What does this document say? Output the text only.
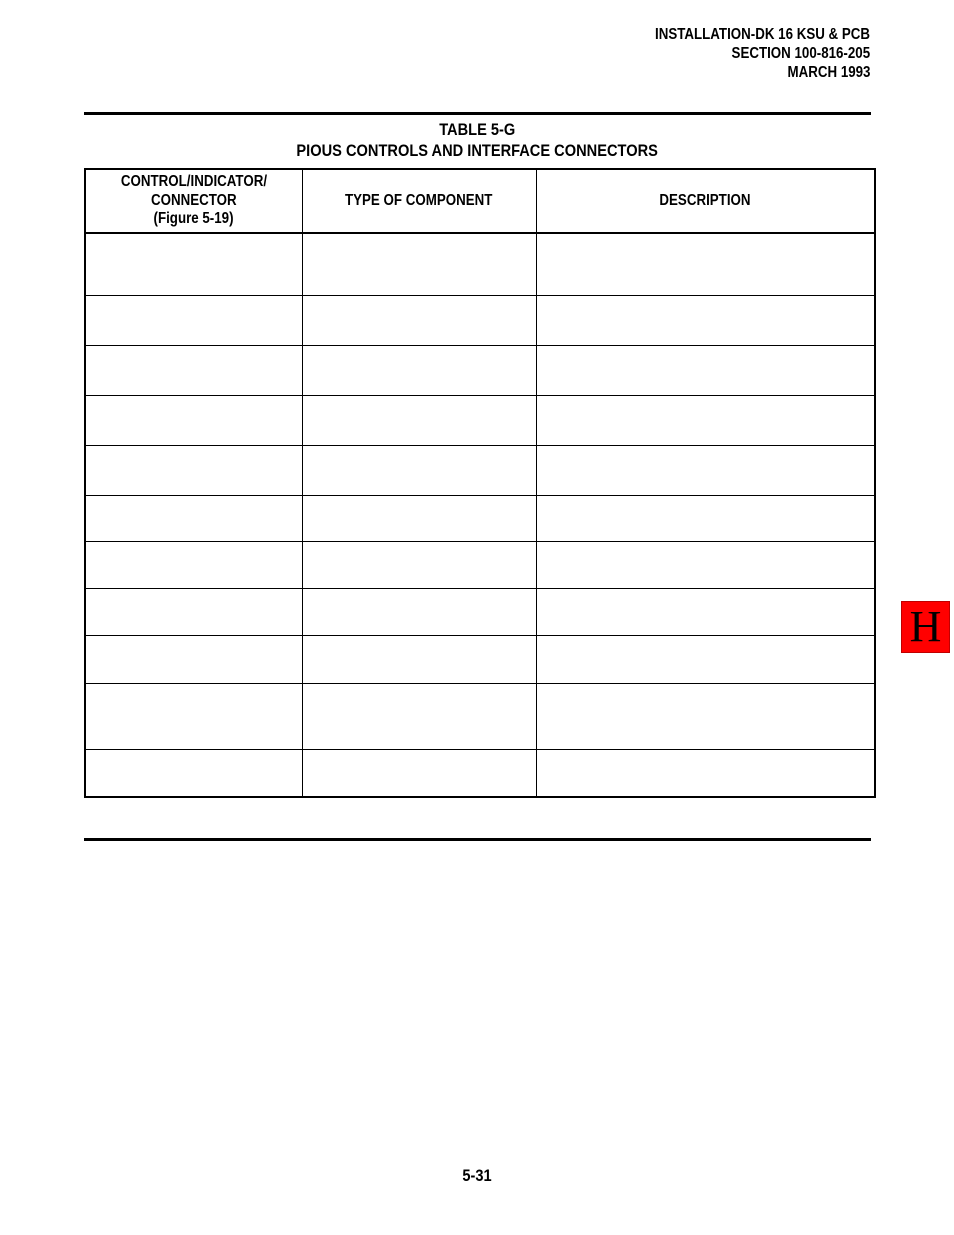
INSTALLATION-DK 16 KSU & PCB
SECTION 100-816-205
MARCH 1993
TABLE 5-G
PIOUS CONTROLS AND INTERFACE CONNECTORS
CONTROL/INDICATOR/
CONNECTOR
(Figure 5-19)	TYPE OF COMPONENT	DESCRIPTION

H
5-31
